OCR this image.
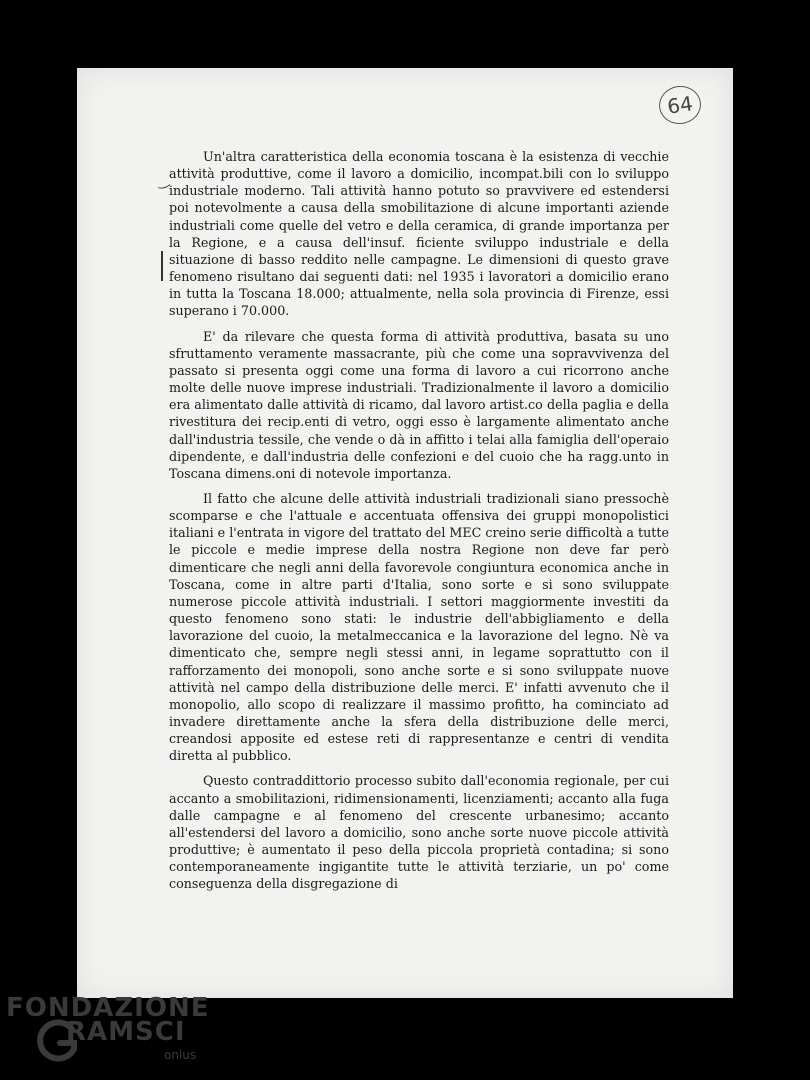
64
‿

Un'altra caratteristica della economia toscana è la esistenza di vecchie attività produttive, come il lavoro a domicilio, incompat.bili con lo sviluppo industriale moderno. Tali attività hanno potuto so pravvivere ed estendersi poi notevolmente a causa della smobilitazione di alcune importanti aziende industriali come quelle del vetro e della ceramica, di grande importanza per la Regione, e a causa dell'insuf. ficiente sviluppo industriale e della situazione di basso reddito nelle campagne. Le dimensioni di questo grave fenomeno risultano dai seguenti dati: nel 1935 i lavoratori a domicilio erano in tutta la Toscana 18.000; attualmente, nella sola provincia di Firenze, essi superano i 70.000.

E' da rilevare che questa forma di attività produttiva, basata su uno sfruttamento veramente massacrante, più che come una sopravvivenza del passato si presenta oggi come una forma di lavoro a cui ricorrono anche molte delle nuove imprese industriali. Tradizionalmente il lavoro a domicilio era alimentato dalle attività di ricamo, dal lavoro artist.co della paglia e della rivestitura dei recip.enti di vetro, oggi esso è largamente alimentato anche dall'industria tessile, che vende o dà in affitto i telai alla famiglia dell'operaio dipendente, e dall'industria delle confezioni e del cuoio che ha ragg.unto in Toscana dimens.oni di notevole importanza.

Il fatto che alcune delle attività industriali tradizionali siano pressochè scomparse e che l'attuale e accentuata offensiva dei gruppi monopolistici italiani e l'entrata in vigore del trattato del MEC creino serie difficoltà a tutte le piccole e medie imprese della nostra Regione non deve far però dimenticare che negli anni della favorevole congiuntura economica anche in Toscana, come in altre parti d'Italia, sono sorte e si sono sviluppate numerose piccole attività industriali. I settori maggiormente investiti da questo fenomeno sono stati: le industrie dell'abbigliamento e della lavorazione del cuoio, la metalmeccanica e la lavorazione del legno. Nè va dimenticato che, sempre negli stessi anni, in legame soprattutto con il rafforzamento dei monopoli, sono anche sorte e si sono sviluppate nuove attività nel campo della distribuzione delle merci. E' infatti avvenuto che il monopolio, allo scopo di realizzare il massimo profitto, ha cominciato ad invadere direttamente anche la sfera della distribuzione delle merci, creandosi apposite ed estese reti di rappresentanze e centri di vendita diretta al pubblico.

Questo contraddittorio processo subito dall'economia regionale, per cui accanto a smobilitazioni, ridimensionamenti, licenziamenti; accanto alla fuga dalle campagne e al fenomeno del crescente urbanesimo; accanto all'estendersi del lavoro a domicilio, sono anche sorte nuove piccole attività produttive; è aumentato il peso della piccola proprietà contadina; si sono contemporaneamente ingigantite tutte le attività terziarie, un po' come conseguenza della disgregazione di

FONDAZIONE
RAMSCI
onlus
